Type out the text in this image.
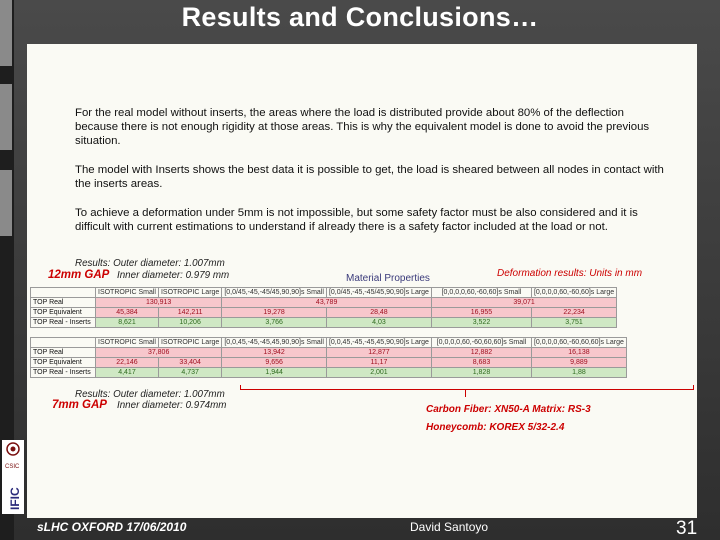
Results and Conclusions…
For the real model without inserts, the areas where the load is distributed provide about 80% of the deflection because there is not enough rigidity at those areas. This is why the equivalent model is done to avoid the previous situation.
The model with Inserts shows the best data it is possible to get, the load is sheared between all nodes in contact with the inserts areas.
To achieve a deformation under 5mm is not impossible, but some safety factor must be also considered and it is difficult with current estimations to understand if already there is a safety factor included at the load or not.
Results: Outer diameter: 1.007mm
12mm GAP Inner diameter: 0.979 mm	Material Properties	Deformation results: Units in mm
	ISOTROPIC Small	ISOTROPIC Large	[0,0/45,-45,-45/45,90,90]s Small	[0,0/45,-45,-45/45,90,90]s Large	[0,0,0,0,60,-60,60]s Small	[0,0,0,0,60,-60,60]s Large
TOP Real	130,913		43,789		39,071	
TOP Equivalent	45,384	142,211	19,278	28,48	16,955	22,234
TOP Real - Inserts	8,621	10,206	3,766	4,03	3,522	3,751
	ISOTROPIC Small	ISOTROPIC Large	[0,0,45,-45,-45,45,90,90]s Small	[0,0,45,-45,-45,45,90,90]s Large	[0,0,0,0,60,-60,60,60]s Small	[0,0,0,0,60,-60,60,60]s Large
TOP Real	37,806		13,942	12,877	12,882	16,138
TOP Equivalent	22,146	33,404	9,656	11,17	8,683	9,889
TOP Real - Inserts	4,417	4,737	1,944	2,001	1,828	1,88
Results: Outer diameter: 1.007mm
7mm GAP Inner diameter: 0.974mm	Carbon Fiber: XN50-A Matrix: RS-3
Honeycomb: KOREX 5/32-2.4
CSIC
IFIC
sLHC OXFORD 17/06/2010	David Santoyo	31
